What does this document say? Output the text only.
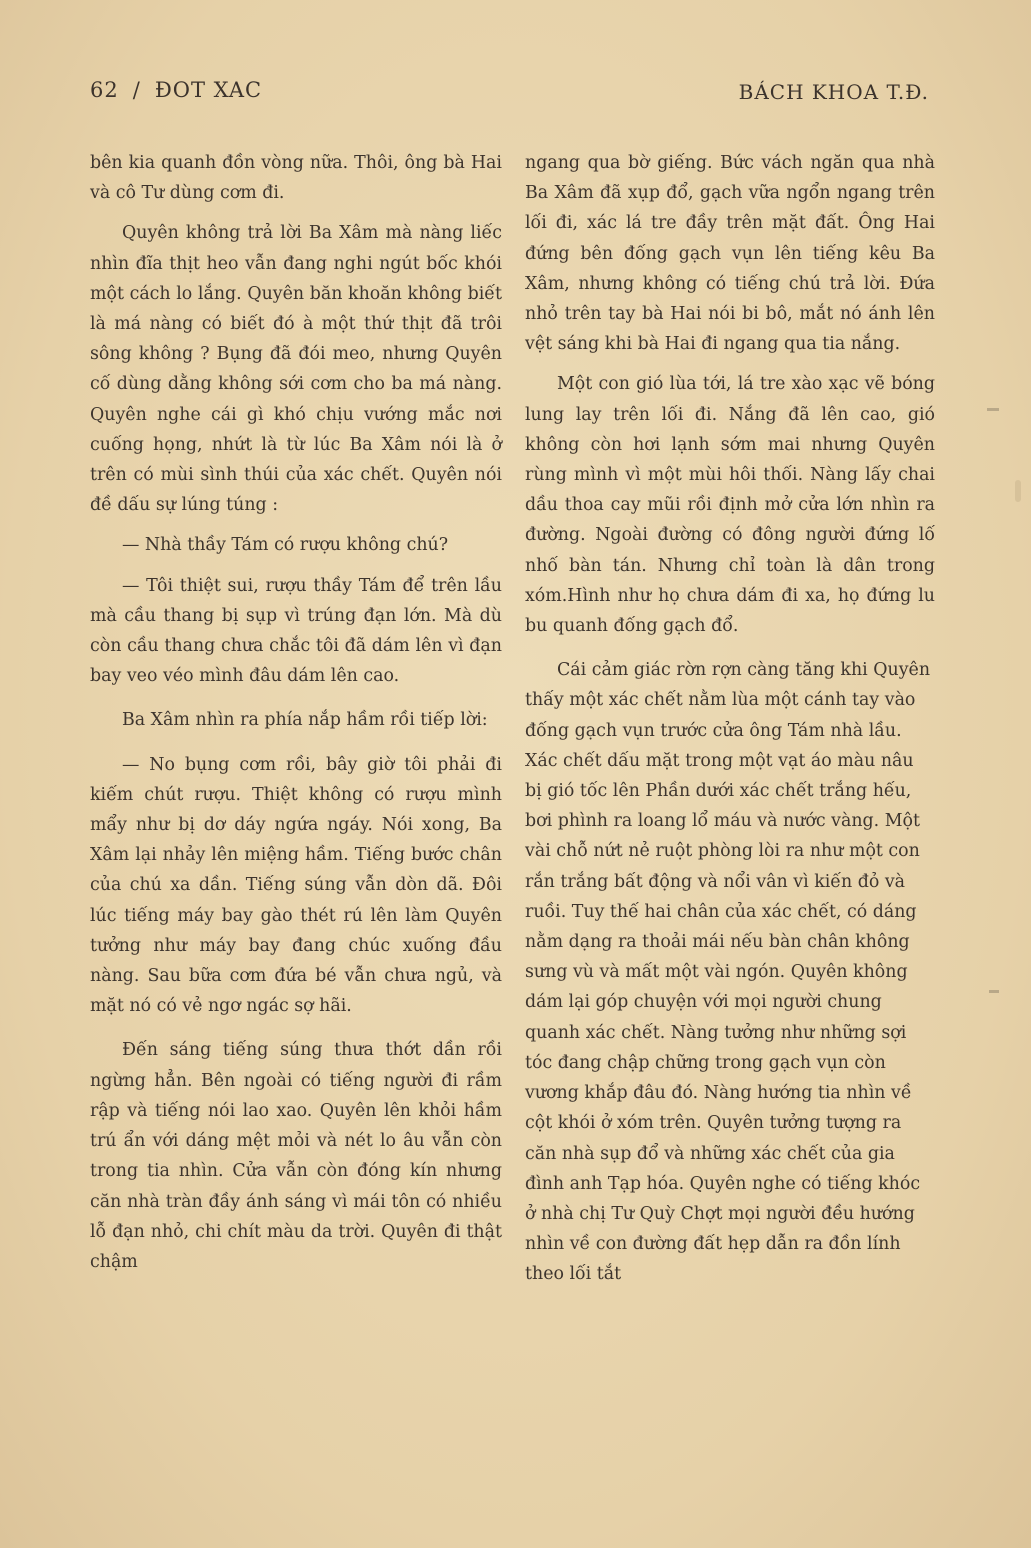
62 / ĐOT XAC	BÁCH KHOA T.Đ.

bên kia quanh đồn vòng nữa. Thôi, ông bà Hai và cô Tư dùng cơm đi.

Quyên không trả lời Ba Xâm mà nàng liếc nhìn đĩa thịt heo vẫn đang nghi ngút bốc khói một cách lo lắng. Quyên băn khoăn không biết là má nàng có biết đó à một thứ thịt đã trôi sông không ? Bụng đã đói meo, nhưng Quyên cố dùng dằng không sới cơm cho ba má nàng. Quyên nghe cái gì khó chịu vướng mắc nơi cuống họng, nhứt là từ lúc Ba Xâm nói là ở trên có mùi sình thúi của xác chết. Quyên nói đề dấu sự lúng túng :

— Nhà thầy Tám có rượu không chú?

— Tôi thiệt sui, rượu thầy Tám để trên lầu mà cầu thang bị sụp vì trúng đạn lớn. Mà dù còn cầu thang chưa chắc tôi đã dám lên vì đạn bay veo véo mình đâu dám lên cao.

Ba Xâm nhìn ra phía nắp hầm rồi tiếp lời:

— No bụng cơm rồi, bây giờ tôi phải đi kiếm chút rượu. Thiệt không có rượu mình mẩy như bị dơ dáy ngứa ngáy. Nói xong, Ba Xâm lại nhảy lên miệng hầm. Tiếng bước chân của chú xa dần. Tiếng súng vẫn dòn dã. Đôi lúc tiếng máy bay gào thét rú lên làm Quyên tưởng như máy bay đang chúc xuống đầu nàng. Sau bữa cơm đứa bé vẫn chưa ngủ, và mặt nó có vẻ ngơ ngác sợ hãi.

Đến sáng tiếng súng thưa thớt dần rồi ngừng hẳn. Bên ngoài có tiếng người đi rầm rập và tiếng nói lao xao. Quyên lên khỏi hầm trú ẩn với dáng mệt mỏi và nét lo âu vẫn còn trong tia nhìn. Cửa vẫn còn đóng kín nhưng căn nhà tràn đầy ánh sáng vì mái tôn có nhiều lỗ đạn nhỏ, chi chít màu da trời. Quyên đi thật chậm

ngang qua bờ giếng. Bức vách ngăn qua nhà Ba Xâm đã xụp đổ, gạch vữa ngổn ngang trên lối đi, xác lá tre đầy trên mặt đất. Ông Hai đứng bên đống gạch vụn lên tiếng kêu Ba Xâm, nhưng không có tiếng chú trả lời. Đứa nhỏ trên tay bà Hai nói bi bô, mắt nó ánh lên vệt sáng khi bà Hai đi ngang qua tia nắng.

Một con gió lùa tới, lá tre xào xạc vẽ bóng lung lay trên lối đi. Nắng đã lên cao, gió không còn hơi lạnh sớm mai nhưng Quyên rùng mình vì một mùi hôi thối. Nàng lấy chai dầu thoa cay mũi rồi định mở cửa lớn nhìn ra đường. Ngoài đường có đông người đứng lố nhố bàn tán. Nhưng chỉ toàn là dân trong xóm.Hình như họ chưa dám đi xa, họ đứng lu bu quanh đống gạch đổ.

Cái cảm giác rờn rợn càng tăng khi Quyên thấy một xác chết nằm lùa một cánh tay vào đống gạch vụn trước cửa ông Tám nhà lầu. Xác chết dấu mặt trong một vạt áo màu nâu bị gió tốc lên Phần dưới xác chết trắng hếu, bơi phình ra loang lổ máu và nước vàng. Một vài chỗ nứt nẻ ruột phòng lòi ra như một con rắn trắng bất động và nổi vân vì kiến đỏ và ruồi. Tuy thế hai chân của xác chết, có dáng nằm dạng ra thoải mái nếu bàn chân không sưng vù và mất một vài ngón. Quyên không dám lại góp chuyện với mọi người chung quanh xác chết. Nàng tưởng như những sợi tóc đang chập chững trong gạch vụn còn vương khắp đâu đó. Nàng hướng tia nhìn về cột khói ở xóm trên. Quyên tưởng tượng ra căn nhà sụp đổ và những xác chết của gia đình anh Tạp hóa. Quyên nghe có tiếng khóc ở nhà chị Tư Quỳ Chợt mọi người đều hướng nhìn về con đường đất hẹp dẫn ra đồn lính theo lối tắt
